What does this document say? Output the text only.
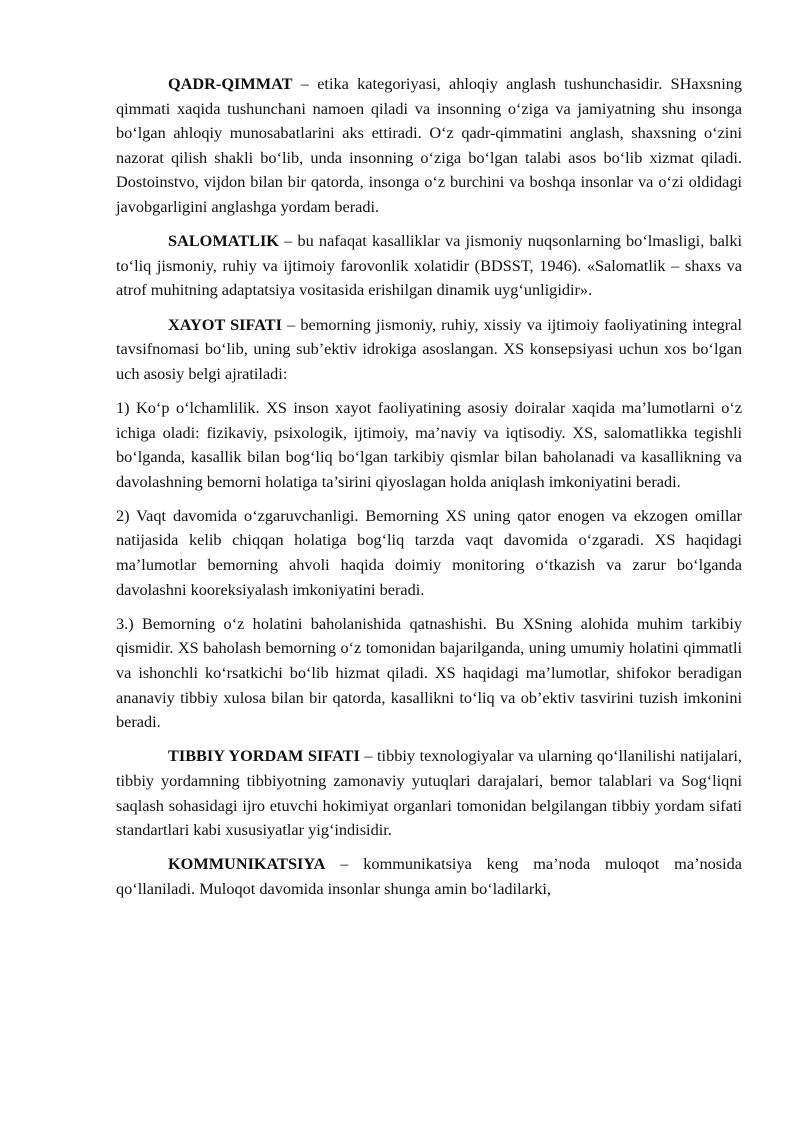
QADR-QIMMAT – etika kategoriyasi, ahloqiy anglash tushunchasidir. SHaxsning qimmati xaqida tushunchani namoen qiladi va insonning o‘ziga va jamiyatning shu insonga bo‘lgan ahloqiy munosabatlarini aks ettiradi. O‘z qadr-qimmatini anglash, shaxsning o‘zini nazorat qilish shakli bo‘lib, unda insonning o‘ziga bo‘lgan talabi asos bo‘lib xizmat qiladi. Dostoinstvo, vijdon bilan bir qatorda, insonga o‘z burchini va boshqa insonlar va o‘zi oldidagi javobgarligini anglashga yordam beradi.

SALOMATLIK – bu nafaqat kasalliklar va jismoniy nuqsonlarning bo‘lmasligi, balki to‘liq jismoniy, ruhiy va ijtimoiy farovonlik xolatidir (BDSST, 1946). «Salomatlik – shaxs va atrof muhitning adaptatsiya vositasida erishilgan dinamik uyg‘unligidir».

XAYOT SIFATI – bemorning jismoniy, ruhiy, xissiy va ijtimoiy faoliyatining integral tavsifnomasi bo‘lib, uning sub’ektiv idrokiga asoslangan. XS konsepsiyasi uchun xos bo‘lgan uch asosiy belgi ajratiladi:

1) Ko‘p o‘lchamlilik. XS inson xayot faoliyatining asosiy doiralar xaqida ma’lumotlarni o‘z ichiga oladi: fizikaviy, psixologik, ijtimoiy, ma’naviy va iqtisodiy. XS, salomatlikka tegishli bo‘lganda, kasallik bilan bog‘liq bo‘lgan tarkibiy qismlar bilan baholanadi va kasallikning va davolashning bemorni holatiga ta’sirini qiyoslagan holda aniqlash imkoniyatini beradi.

2) Vaqt davomida o‘zgaruvchanligi. Bemorning XS uning qator enogen va ekzogen omillar natijasida kelib chiqqan holatiga bog‘liq tarzda vaqt davomida o‘zgaradi. XS haqidagi ma’lumotlar bemorning ahvoli haqida doimiy monitoring o‘tkazish va zarur bo‘lganda davolashni kooreksiyalash imkoniyatini beradi.

3.) Bemorning o‘z holatini baholanishida qatnashishi. Bu XSning alohida muhim tarkibiy qismidir. XS baholash bemorning o‘z tomonidan bajarilganda, uning umumiy holatini qimmatli va ishonchli ko‘rsatkichi bo‘lib hizmat qiladi. XS haqidagi ma’lumotlar, shifokor beradigan ananaviy tibbiy xulosa bilan bir qatorda, kasallikni to‘liq va ob’ektiv tasvirini tuzish imkonini beradi.

TIBBIY YORDAM SIFATI – tibbiy texnologiyalar va ularning qo‘llanilishi natijalari, tibbiy yordamning tibbiyotning zamonaviy yutuqlari darajalari, bemor talablari va Sog‘liqni saqlash sohasidagi ijro etuvchi hokimiyat organlari tomonidan belgilangan tibbiy yordam sifati standartlari kabi xususiyatlar yig‘indisidir.

KOMMUNIKATSIYA – kommunikatsiya keng ma’noda muloqot ma’nosida qo‘llaniladi. Muloqot davomida insonlar shunga amin bo‘ladilarki,
